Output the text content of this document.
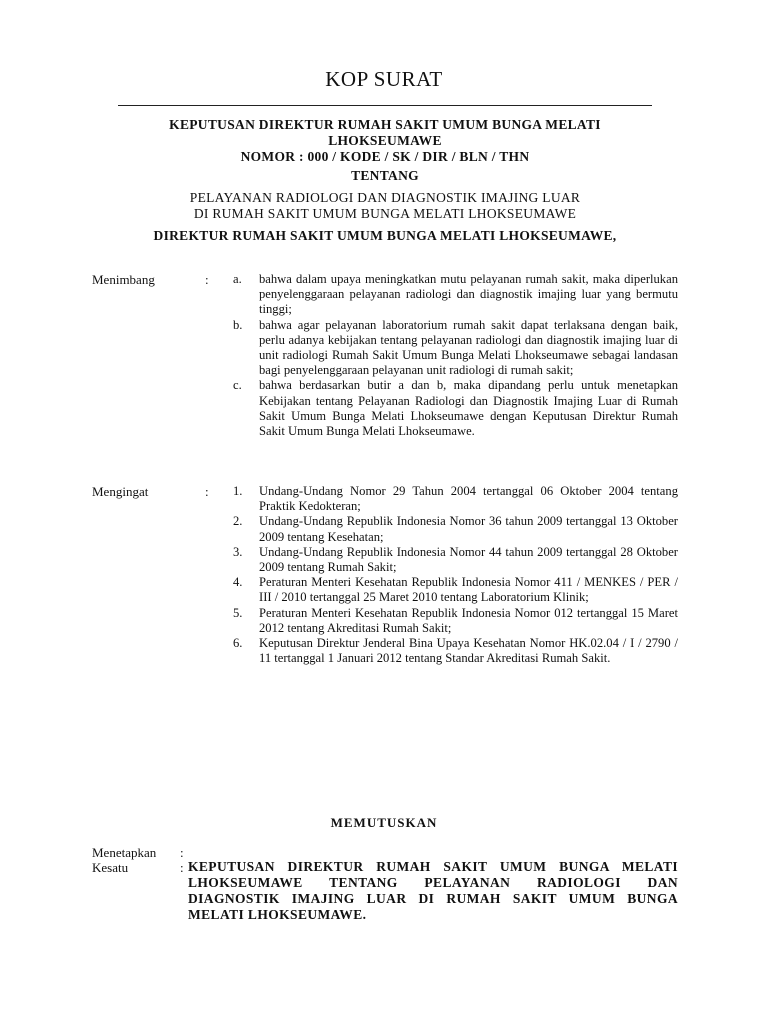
KOP SURAT
KEPUTUSAN DIREKTUR RUMAH SAKIT UMUM BUNGA MELATI
LHOKSEUMAWE
NOMOR : 000 / KODE / SK / DIR / BLN / THN
TENTANG
PELAYANAN RADIOLOGI DAN DIAGNOSTIK IMAJING LUAR
DI RUMAH SAKIT UMUM BUNGA MELATI LHOKSEUMAWE
DIREKTUR RUMAH SAKIT UMUM BUNGA MELATI LHOKSEUMAWE,
Menimbang	: a. bahwa dalam upaya meningkatkan mutu pelayanan rumah sakit, maka diperlukan penyelenggaraan pelayanan radiologi dan diagnostik imajing luar yang bermutu tinggi;
b. bahwa agar pelayanan laboratorium rumah sakit dapat terlaksana dengan baik, perlu adanya kebijakan tentang pelayanan radiologi dan diagnostik imajing luar di unit radiologi Rumah Sakit Umum Bunga Melati Lhokseumawe sebagai landasan bagi penyelenggaraan pelayanan unit radiologi di rumah sakit;
c. bahwa berdasarkan butir a dan b, maka dipandang perlu untuk menetapkan Kebijakan tentang Pelayanan Radiologi dan Diagnostik Imajing Luar di Rumah Sakit Umum Bunga Melati Lhokseumawe dengan Keputusan Direktur Rumah Sakit Umum Bunga Melati Lhokseumawe.
Mengingat	: 1. Undang-Undang Nomor 29 Tahun 2004 tertanggal 06 Oktober 2004 tentang Praktik Kedokteran;
2. Undang-Undang Republik Indonesia Nomor 36 tahun 2009 tertanggal 13 Oktober 2009 tentang Kesehatan;
3. Undang-Undang Republik Indonesia Nomor 44 tahun 2009 tertanggal 28 Oktober 2009 tentang Rumah Sakit;
4. Peraturan Menteri Kesehatan Republik Indonesia Nomor 411 / MENKES / PER / III / 2010 tertanggal 25 Maret 2010 tentang Laboratorium Klinik;
5. Peraturan Menteri Kesehatan Republik Indonesia Nomor 012 tertanggal 15 Maret 2012 tentang Akreditasi Rumah Sakit;
6. Keputusan Direktur Jenderal Bina Upaya Kesehatan Nomor HK.02.04 / I / 2790 / 11 tertanggal 1 Januari 2012 tentang Standar Akreditasi Rumah Sakit.
MEMUTUSKAN
Menetapkan :
Kesatu	: KEPUTUSAN DIREKTUR RUMAH SAKIT UMUM BUNGA MELATI LHOKSEUMAWE TENTANG PELAYANAN RADIOLOGI DAN DIAGNOSTIK IMAJING LUAR DI RUMAH SAKIT UMUM BUNGA MELATI LHOKSEUMAWE.
